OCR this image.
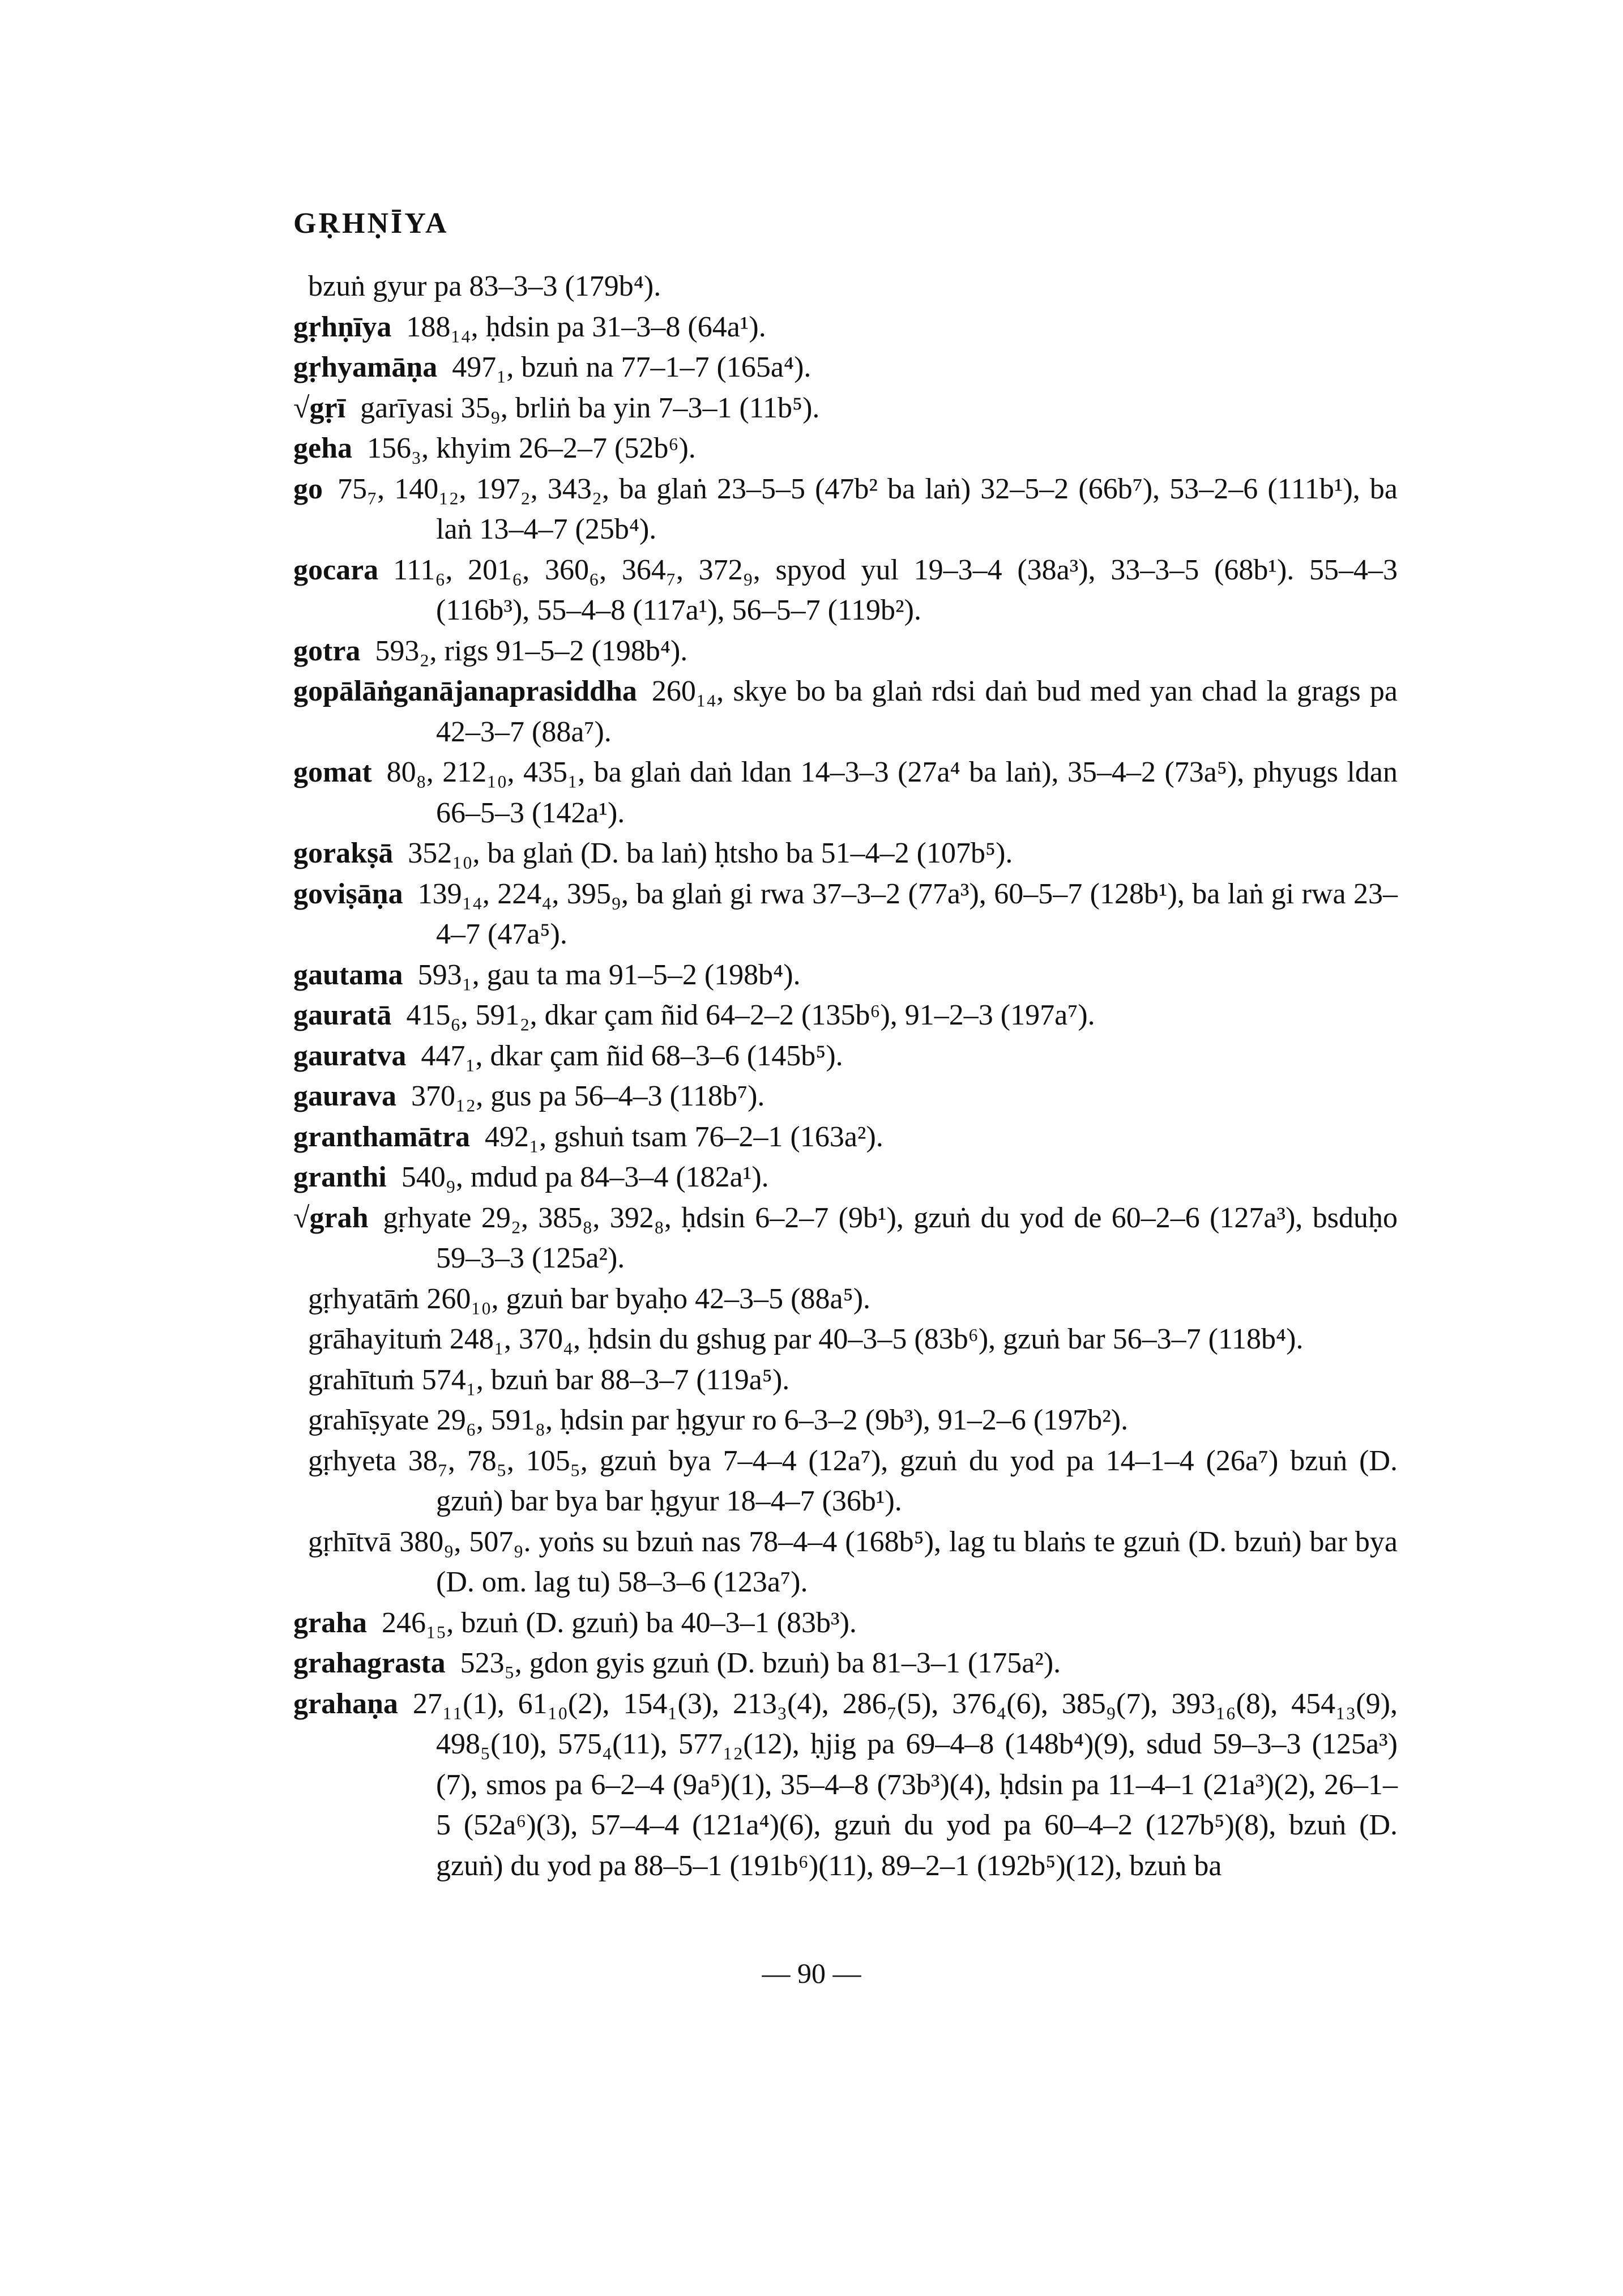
GṚHṆĪYA
bzuṅ gyur pa 83–3–3 (179b⁴).
gṛhṇīya 188₁₄, ḥdsin pa 31–3–8 (64a¹).
gṛhyamāṇa 497₁, bzuṅ na 77–1–7 (165a⁴).
√gṛī garīyasi 35₉, brliṅ ba yin 7–3–1 (11b⁵).
geha 156₃, khyim 26–2–7 (52b⁶).
go 75₇, 140₁₂, 197₂, 343₂, ba glaṅ 23–5–5 (47b² ba laṅ) 32–5–2 (66b⁷), 53–2–6 (111b¹), ba laṅ 13–4–7 (25b⁴).
gocara 111₆, 201₆, 360₆, 364₇, 372₉, spyod yul 19–3–4 (38a³), 33–3–5 (68b¹). 55–4–3 (116b³), 55–4–8 (117a¹), 56–5–7 (119b²).
gotra 593₂, rigs 91–5–2 (198b⁴).
gopālāṅganājanaprasiddha 260₁₄, skye bo ba glaṅ rdsi daṅ bud med yan chad la grags pa 42–3–7 (88a⁷).
gomat 80₈, 212₁₀, 435₁, ba glaṅ daṅ ldan 14–3–3 (27a⁴ ba laṅ), 35–4–2 (73a⁵), phyugs ldan 66–5–3 (142a¹).
gorakṣā 352₁₀, ba glaṅ (D. ba laṅ) ḥtsho ba 51–4–2 (107b⁵).
goviṣāṇa 139₁₄, 224₄, 395₉, ba glaṅ gi rwa 37–3–2 (77a³), 60–5–7 (128b¹), ba laṅ gi rwa 23–4–7 (47a⁵).
gautama 593₁, gau ta ma 91–5–2 (198b⁴).
gauratā 415₆, 591₂, dkar çam ñid 64–2–2 (135b⁶), 91–2–3 (197a⁷).
gauratva 447₁, dkar çam ñid 68–3–6 (145b⁵).
gaurava 370₁₂, gus pa 56–4–3 (118b⁷).
granthamātra 492₁, gshuṅ tsam 76–2–1 (163a²).
granthi 540₉, mdud pa 84–3–4 (182a¹).
√grah gṛhyate 29₂, 385₈, 392₈, ḥdsin 6–2–7 (9b¹), gzuṅ du yod de 60–2–6 (127a³), bsduḥo 59–3–3 (125a²).
gṛhyatāṁ 260₁₀, gzuṅ bar byaḥo 42–3–5 (88a⁵).
grāhayituṁ 248₁, 370₄, ḥdsin du gshug par 40–3–5 (83b⁶), gzuṅ bar 56–3–7 (118b⁴).
grahītuṁ 574₁, bzuṅ bar 88–3–7 (119a⁵).
grahīṣyate 29₆, 591₈, ḥdsin par ḥgyur ro 6–3–2 (9b³), 91–2–6 (197b²).
gṛhyeta 38₇, 78₅, 105₅, gzuṅ bya 7–4–4 (12a⁷), gzuṅ du yod pa 14–1–4 (26a⁷) bzuṅ (D. gzuṅ) bar bya bar ḥgyur 18–4–7 (36b¹).
gṛhītvā 380₉, 507₉. yoṅs su bzuṅ nas 78–4–4 (168b⁵), lag tu blaṅs te gzuṅ (D. bzuṅ) bar bya (D. om. lag tu) 58–3–6 (123a⁷).
graha 246₁₅, bzuṅ (D. gzuṅ) ba 40–3–1 (83b³).
grahagrasta 523₅, gdon gyis gzuṅ (D. bzuṅ) ba 81–3–1 (175a²).
grahaṇa 27₁₁(1), 61₁₀(2), 154₁(3), 213₃(4), 286₇(5), 376₄(6), 385₉(7), 393₁₆(8), 454₁₃(9), 498₅(10), 575₄(11), 577₁₂(12), ḥjig pa 69–4–8 (148b⁴)(9), sdud 59–3–3 (125a³)(7), smos pa 6–2–4 (9a⁵)(1), 35–4–8 (73b³)(4), ḥdsin pa 11–4–1 (21a³)(2), 26–1–5 (52a⁶)(3), 57–4–4 (121a⁴)(6), gzuṅ du yod pa 60–4–2 (127b⁵)(8), bzuṅ (D. gzuṅ) du yod pa 88–5–1 (191b⁶)(11), 89–2–1 (192b⁵)(12), bzuṅ ba
— 90 —
